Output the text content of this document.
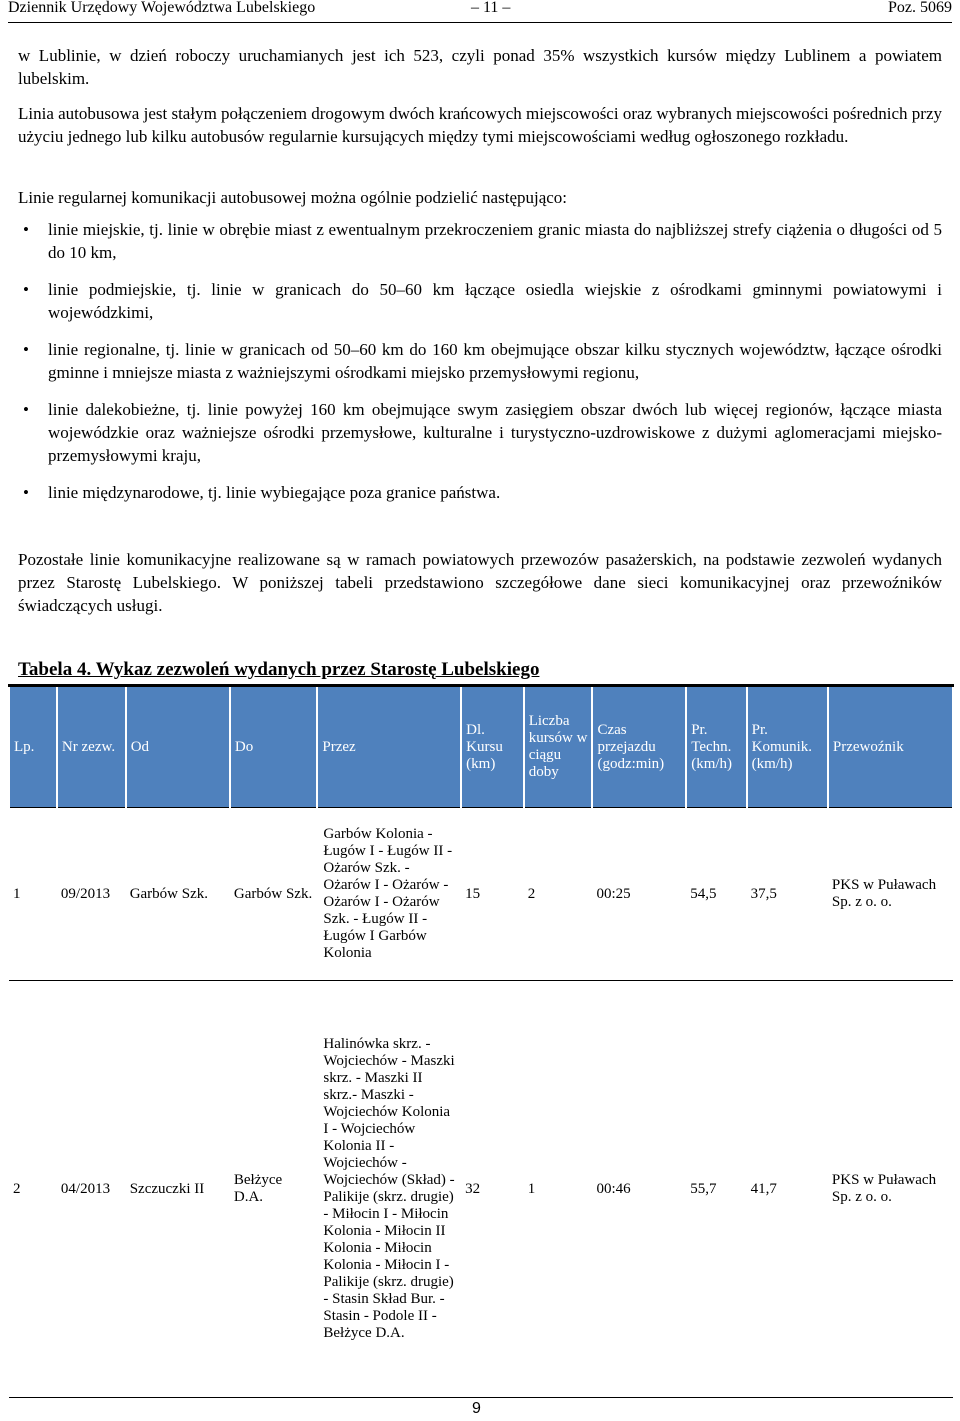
Dziennik Urzędowy Województwa Lubelskiego	– 11 –	Poz. 5069

w Lublinie, w dzień roboczy uruchamianych jest ich 523, czyli ponad 35% wszystkich kursów między Lublinem a powiatem lubelskim.

Linia autobusowa jest stałym połączeniem drogowym dwóch krańcowych miejscowości oraz wybranych miejscowości pośrednich przy użyciu jednego lub kilku autobusów regularnie kursujących między tymi miejscowościami według ogłoszonego rozkładu.

Linie regularnej komunikacji autobusowej można ogólnie podzielić następująco:

• linie miejskie, tj. linie w obrębie miast z ewentualnym przekroczeniem granic miasta do najbliższej strefy ciążenia o długości od 5 do 10 km,
• linie podmiejskie, tj. linie w granicach do 50–60 km łączące osiedla wiejskie z ośrodkami gminnymi powiatowymi i wojewódzkimi,
• linie regionalne, tj. linie w granicach od 50–60 km do 160 km obejmujące obszar kilku stycznych województw, łączące ośrodki gminne i mniejsze miasta z ważniejszymi ośrodkami miejsko przemysłowymi regionu,
• linie dalekobieżne, tj. linie powyżej 160 km obejmujące swym zasięgiem obszar dwóch lub więcej regionów, łączące miasta wojewódzkie oraz ważniejsze ośrodki przemysłowe, kulturalne i turystyczno-uzdrowiskowe z dużymi aglomeracjami miejsko-przemysłowymi kraju,
• linie międzynarodowe, tj. linie wybiegające poza granice państwa.

Pozostałe linie komunikacyjne realizowane są w ramach powiatowych przewozów pasażerskich, na podstawie zezwoleń wydanych przez Starostę Lubelskiego. W poniższej tabeli przedstawiono szczegółowe dane sieci komunikacyjnej oraz przewoźników świadczących usługi.

Tabela 4. Wykaz zezwoleń wydanych przez Starostę Lubelskiego
Lp.	Nr zezw.	Od	Do	Przez	Dl. Kursu (km)	Liczba kursów w ciągu doby	Czas przejazdu (godz:min)	Pr. Techn. (km/h)	Pr. Komunik. (km/h)	Przewoźnik
1	09/2013	Garbów Szk.	Garbów Szk.	Garbów Kolonia - Ługów I - Ługów II - Ożarów Szk. - Ożarów I - Ożarów - Ożarów I - Ożarów Szk. - Ługów II - Ługów I Garbów Kolonia	15	2	00:25	54,5	37,5	PKS w Puławach Sp. z o. o.
2	04/2013	Szczuczki II	Bełżyce D.A.	Halinówka skrz. - Wojciechów - Maszki skrz. - Maszki II skrz.- Maszki - Wojciechów Kolonia I - Wojciechów Kolonia II - Wojciechów - Wojciechów (Skład) - Palikije (skrz. drugie) - Miłocin I - Miłocin Kolonia - Miłocin II Kolonia - Miłocin Kolonia - Miłocin I - Palikije (skrz. drugie) - Stasin Skład Bur. - Stasin - Podole II - Bełżyce D.A.	32	1	00:46	55,7	41,7	PKS w Puławach Sp. z o. o.
9
